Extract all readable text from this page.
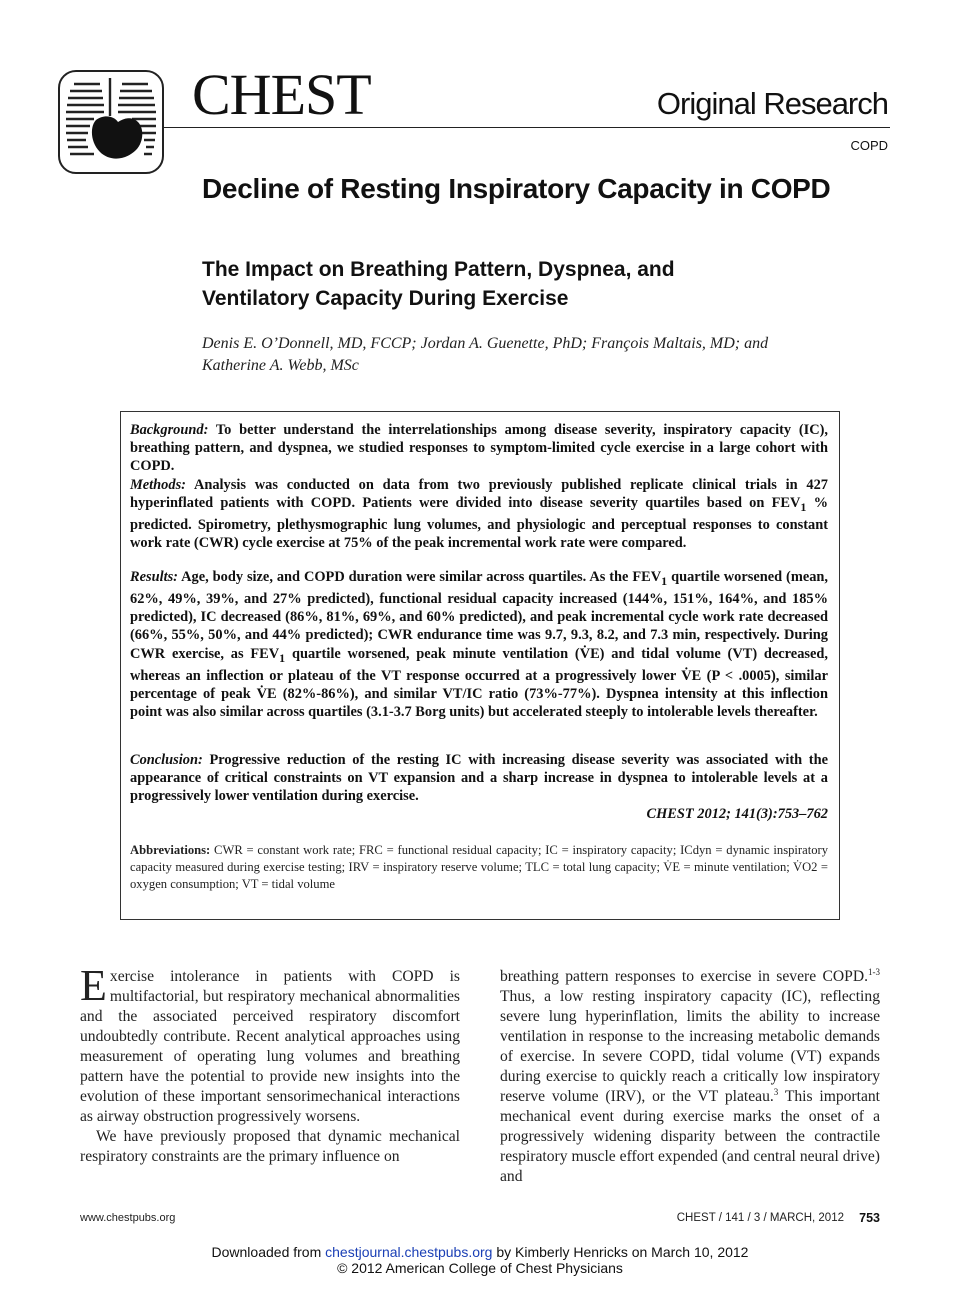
CHEST	Original Research
COPD
Decline of Resting Inspiratory Capacity in COPD
The Impact on Breathing Pattern, Dyspnea, and Ventilatory Capacity During Exercise
Denis E. O’Donnell, MD, FCCP; Jordan A. Guenette, PhD; François Maltais, MD; and Katherine A. Webb, MSc
Background: To better understand the interrelationships among disease severity, inspiratory capacity (IC), breathing pattern, and dyspnea, we studied responses to symptom-limited cycle exercise in a large cohort with COPD.
Methods: Analysis was conducted on data from two previously published replicate clinical trials in 427 hyperinflated patients with COPD. Patients were divided into disease severity quartiles based on $FEV_1$ % predicted. Spirometry, plethysmographic lung volumes, and physiologic and perceptual responses to constant work rate (CWR) cycle exercise at 75% of the peak incremental work rate were compared.
Results: Age, body size, and COPD duration were similar across quartiles. As the $FEV_1$ quartile worsened (mean, 62%, 49%, 39%, and 27% predicted), functional residual capacity increased (144%, 151%, 164%, and 185% predicted), IC decreased (86%, 81%, 69%, and 60% predicted), and peak incremental cycle work rate decreased (66%, 55%, 50%, and 44% predicted); CWR endurance time was 9.7, 9.3, 8.2, and 7.3 min, respectively. During CWR exercise, as $FEV_1$ quartile worsened, peak minute ventilation (V̇E) and tidal volume (VT) decreased, whereas an inflection or plateau of the VT response occurred at a progressively lower V̇E (P < .0005), similar percentage of peak V̇E (82%-86%), and similar VT/IC ratio (73%-77%). Dyspnea intensity at this inflection point was also similar across quartiles (3.1-3.7 Borg units) but accelerated steeply to intolerable levels thereafter.
Conclusion: Progressive reduction of the resting IC with increasing disease severity was associated with the appearance of critical constraints on VT expansion and a sharp increase in dyspnea to intolerable levels at a progressively lower ventilation during exercise.
CHEST 2012; 141(3):753–762
Abbreviations: CWR = constant work rate; FRC = functional residual capacity; IC = inspiratory capacity; ICdyn = dynamic inspiratory capacity measured during exercise testing; IRV = inspiratory reserve volume; TLC = total lung capacity; V̇E = minute ventilation; V̇O2 = oxygen consumption; VT = tidal volume

Exercise intolerance in patients with COPD is multifactorial, but respiratory mechanical abnormalities and the associated perceived respiratory discomfort undoubtedly contribute. Recent analytical approaches using measurement of operating lung volumes and breathing pattern have the potential to provide new insights into the evolution of these important sensorimechanical interactions as airway obstruction progressively worsens.

We have previously proposed that dynamic mechanical respiratory constraints are the primary influence on

breathing pattern responses to exercise in severe COPD.$^{1-3}$ Thus, a low resting inspiratory capacity (IC), reflecting severe lung hyperinflation, limits the ability to increase ventilation in response to the increasing metabolic demands of exercise. In severe COPD, tidal volume (VT) expands during exercise to quickly reach a critically low inspiratory reserve volume (IRV), or the VT plateau.$^3$ This important mechanical event during exercise marks the onset of a progressively widening disparity between the contractile respiratory muscle effort expended (and central neural drive) and

www.chestpubs.org	CHEST / 141 / 3 / MARCH, 2012 753
Downloaded from chestjournal.chestpubs.org by Kimberly Henricks on March 10, 2012
© 2012 American College of Chest Physicians
